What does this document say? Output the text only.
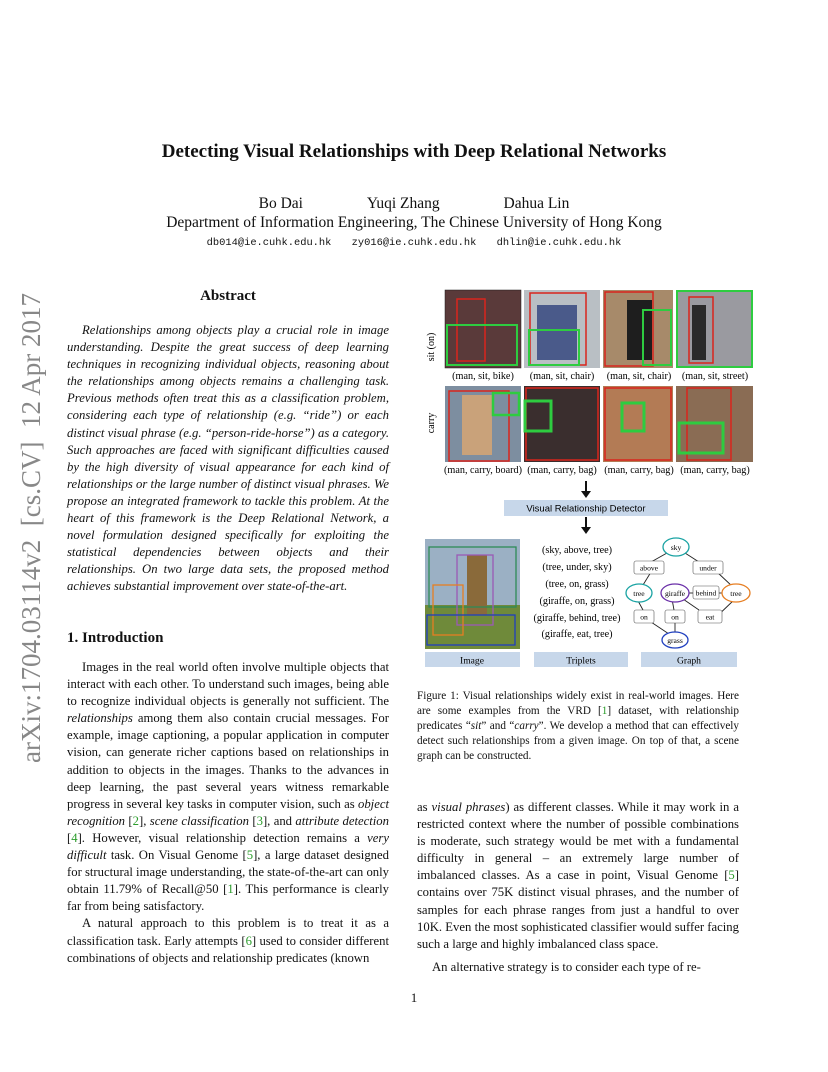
Detecting Visual Relationships with Deep Relational Networks
Bo Dai	Yuqi Zhang	Dahua Lin
Department of Information Engineering, The Chinese University of Hong Kong
db014@ie.cuhk.edu.hk zy016@ie.cuhk.edu.hk dhlin@ie.cuhk.edu.hk
arXiv:1704.03114v2  [cs.CV]  12 Apr 2017	Abstract
Relationships among objects play a crucial role in image understanding. Despite the great success of deep learning techniques in recognizing individual objects, reasoning about the relationships among objects remains a challenging task. Previous methods often treat this as a classification problem, considering each type of relationship (e.g. “ride”) or each distinct visual phrase (e.g. “person-ride-horse”) as a category. Such approaches are faced with significant difficulties caused by the high diversity of visual appearance for each kind of relationships or the large number of distinct visual phrases. We propose an integrated framework to tackle this problem. At the heart of this framework is the Deep Relational Network, a novel formulation designed specifically for exploiting the statistical dependencies between objects and their relationships. On two large data sets, the proposed method achieves substantial improvement over state-of-the-art.
1. Introduction

Images in the real world often involve multiple objects that interact with each other. To understand such images, being able to recognize individual objects is generally not sufficient. The relationships among them also contain crucial messages. For example, image captioning, a popular application in computer vision, can generate richer captions based on relationships in addition to objects in the images. Thanks to the advances in deep learning, the past several years witness remarkable progress in several key tasks in computer vision, such as object recognition [2], scene classification [3], and attribute detection [4]. However, visual relationship detection remains a very difficult task. On Visual Genome [5], a large dataset designed for structural image understanding, the state-of-the-art can only obtain 11.79% of Recall@50 [1]. This performance is clearly far from being satisfactory.

A natural approach to this problem is to treat it as a classification task. Early attempts [6] used to consider different combinations of objects and relationship predicates (known

sit (on)
carry
(man, sit, bike) (man, sit, chair) (man, sit, chair) (man, sit, street)
(man, carry, board) (man, carry, bag) (man, carry, bag) (man, carry, bag)
Visual Relationship Detector
(sky, above, tree)
(tree, under, sky)
(tree, on, grass)
(giraffe, on, grass)
(giraffe, behind, tree)
(giraffe, eat, tree)
sky
above	under
tree	giraffe behind tree
on	on	eat
grass
Image	Triplets	Graph
Figure 1: Visual relationships widely exist in real-world images. Here are some examples from the VRD [1] dataset, with relationship predicates “sit” and “carry”. We develop a method that can effectively detect such relationships from a given image. On top of that, a scene graph can be constructed.

as visual phrases) as different classes. While it may work in a restricted context where the number of possible combinations is moderate, such strategy would be met with a fundamental difficulty in general – an extremely large number of imbalanced classes. As a case in point, Visual Genome [5] contains over 75K distinct visual phrases, and the number of samples for each phrase ranges from just a handful to over 10K. Even the most sophisticated classifier would suffer facing such a large and highly imbalanced class space.

An alternative strategy is to consider each type of re-

1
